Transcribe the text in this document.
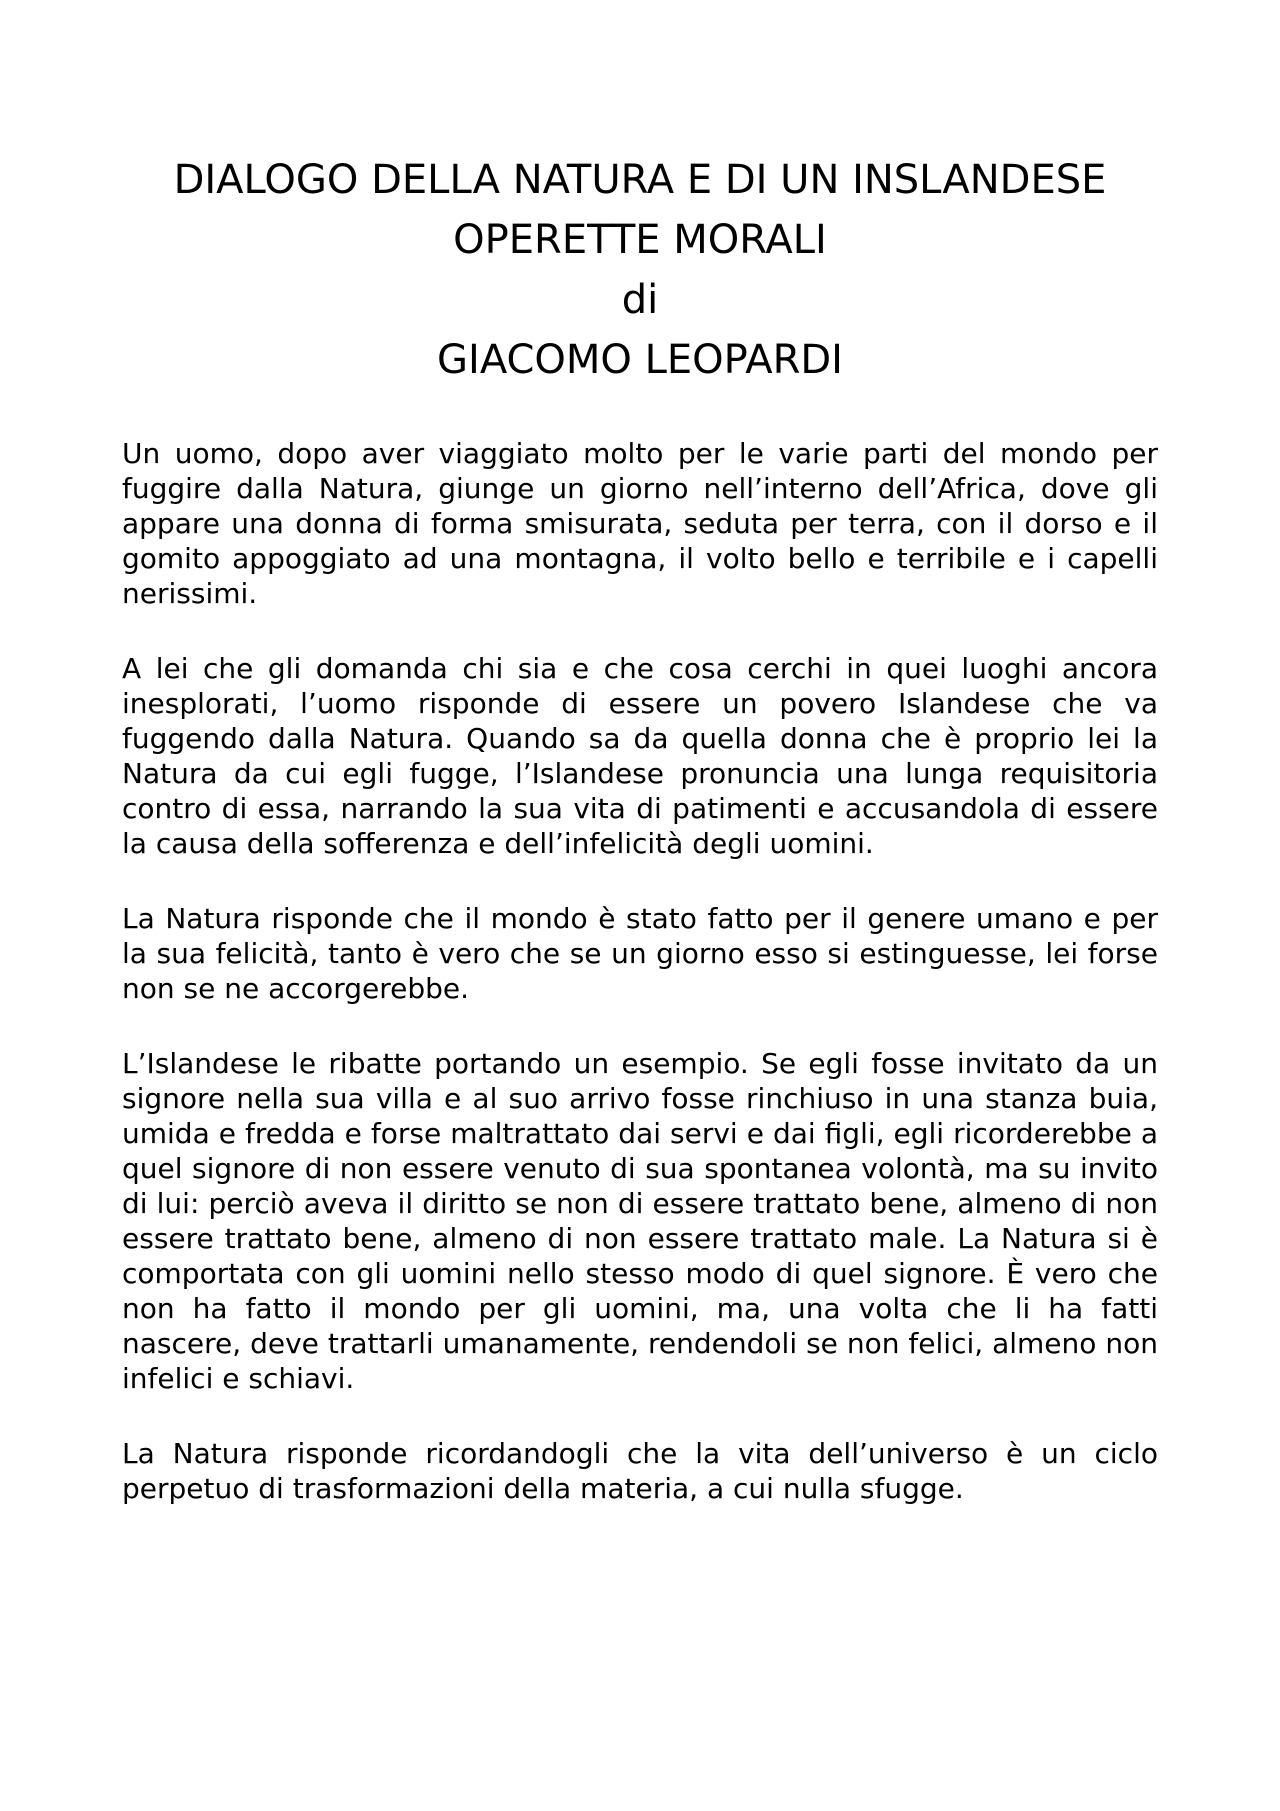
DIALOGO DELLA NATURA E DI UN INSLANDESE
OPERETTE MORALI
di
GIACOMO LEOPARDI

Un uomo, dopo aver viaggiato molto per le varie parti del mondo per fuggire dalla Natura, giunge un giorno nell’interno dell’Africa, dove gli appare una donna di forma smisurata, seduta per terra, con il dorso e il gomito appoggiato ad una montagna, il volto bello e terribile e i capelli nerissimi.

A lei che gli domanda chi sia e che cosa cerchi in quei luoghi ancora inesplorati, l’uomo risponde di essere un povero Islandese che va fuggendo dalla Natura. Quando sa da quella donna che è proprio lei la Natura da cui egli fugge, l’Islandese pronuncia una lunga requisitoria contro di essa, narrando la sua vita di patimenti e accusandola di essere la causa della sofferenza e dell’infelicità degli uomini.

La Natura risponde che il mondo è stato fatto per il genere umano e per la sua felicità, tanto è vero che se un giorno esso si estinguesse, lei forse non se ne accorgerebbe.

L’Islandese le ribatte portando un esempio. Se egli fosse invitato da un signore nella sua villa e al suo arrivo fosse rinchiuso in una stanza buia, umida e fredda e forse maltrattato dai servi e dai figli, egli ricorderebbe a quel signore di non essere venuto di sua spontanea volontà, ma su invito di lui: perciò aveva il diritto se non di essere trattato bene, almeno di non essere trattato bene, almeno di non essere trattato male. La Natura si è comportata con gli uomini nello stesso modo di quel signore. È vero che non ha fatto il mondo per gli uomini, ma, una volta che li ha fatti nascere, deve trattarli umanamente, rendendoli se non felici, almeno non infelici e schiavi.

La Natura risponde ricordandogli che la vita dell’universo è un ciclo perpetuo di trasformazioni della materia, a cui nulla sfugge.
